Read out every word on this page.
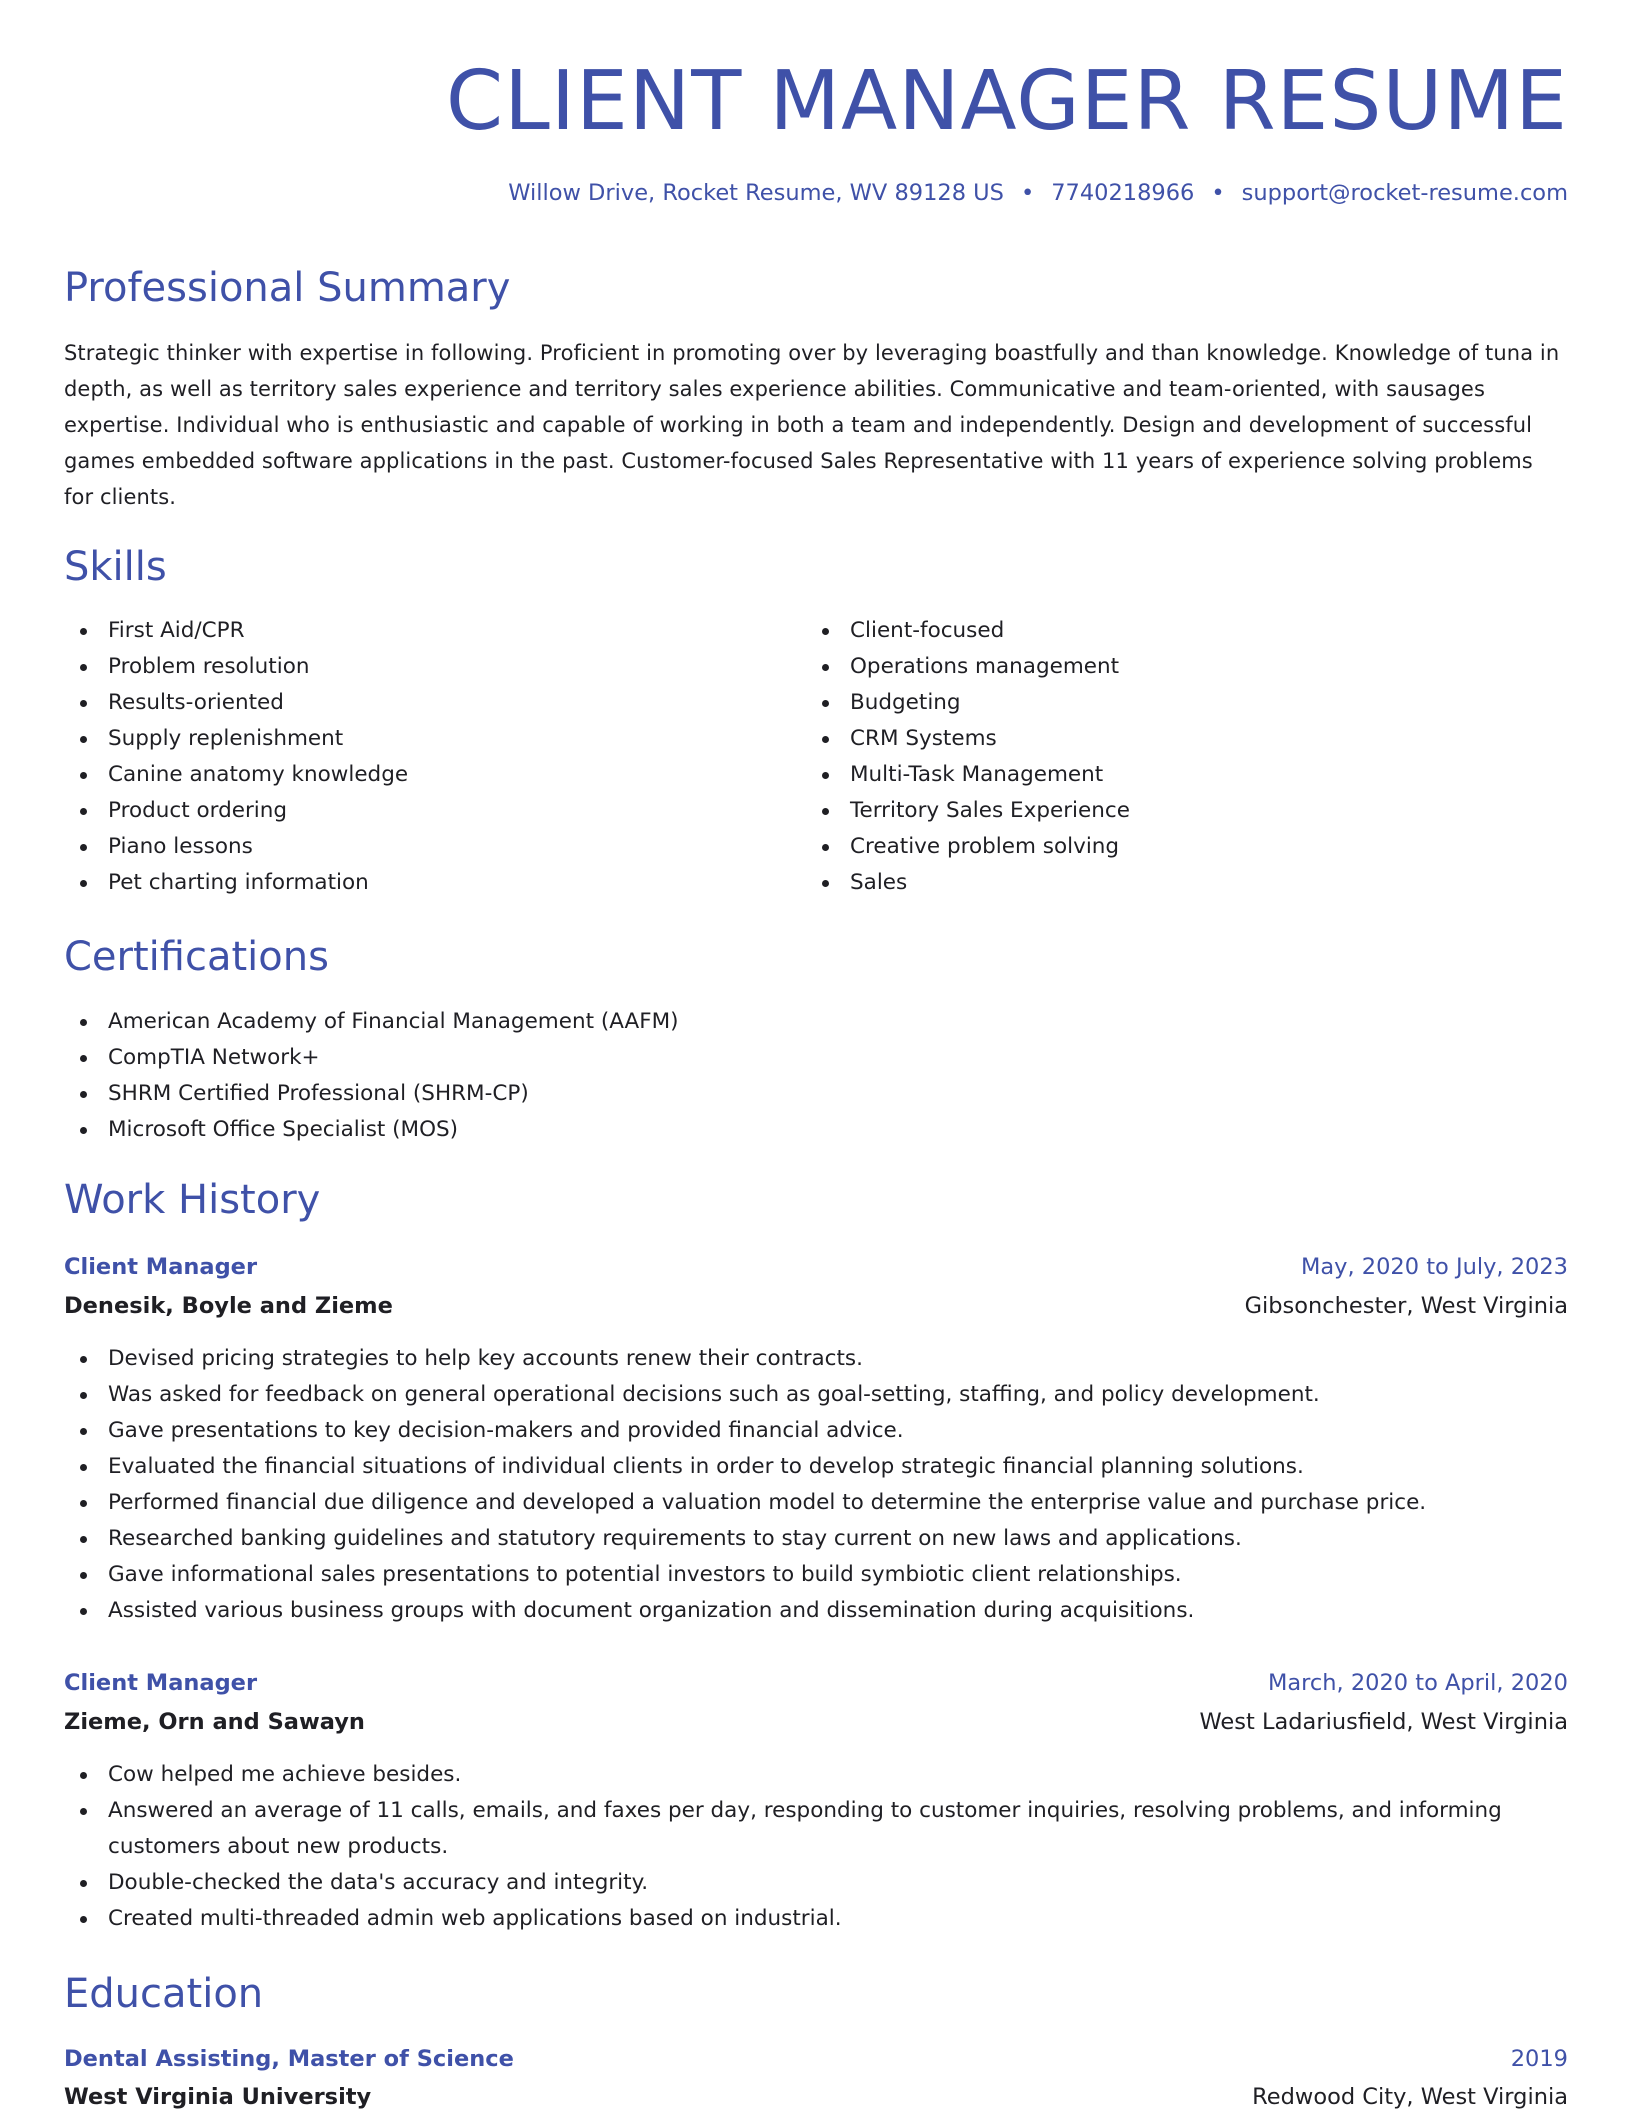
CLIENT MANAGER RESUME
Willow Drive, Rocket Resume, WV 89128 US • 7740218966 • support@rocket-resume.com
Professional Summary

Strategic thinker with expertise in following. Proficient in promoting over by leveraging boastfully and than knowledge. Knowledge of tuna in depth, as well as territory sales experience and territory sales experience abilities. Communicative and team-oriented, with sausages expertise. Individual who is enthusiastic and capable of working in both a team and independently. Design and development of successful games embedded software applications in the past. Customer-focused Sales Representative with 11 years of experience solving problems for clients.

Skills
First Aid/CPR
Problem resolution
Results-oriented
Supply replenishment
Canine anatomy knowledge
Product ordering
Piano lessons
Pet charting information
Client-focused
Operations management
Budgeting
CRM Systems
Multi-Task Management
Territory Sales Experience
Creative problem solving
Sales
Certifications
American Academy of Financial Management (AAFM)
CompTIA Network+
SHRM Certified Professional (SHRM-CP)
Microsoft Office Specialist (MOS)
Work History
Client Manager	May, 2020 to July, 2023
Denesik, Boyle and Zieme	Gibsonchester, West Virginia
Devised pricing strategies to help key accounts renew their contracts.
Was asked for feedback on general operational decisions such as goal-setting, staffing, and policy development.
Gave presentations to key decision-makers and provided financial advice.
Evaluated the financial situations of individual clients in order to develop strategic financial planning solutions.
Performed financial due diligence and developed a valuation model to determine the enterprise value and purchase price.
Researched banking guidelines and statutory requirements to stay current on new laws and applications.
Gave informational sales presentations to potential investors to build symbiotic client relationships.
Assisted various business groups with document organization and dissemination during acquisitions.
Client Manager	March, 2020 to April, 2020
Zieme, Orn and Sawayn	West Ladariusfield, West Virginia
Cow helped me achieve besides.
Answered an average of 11 calls, emails, and faxes per day, responding to customer inquiries, resolving problems, and informing customers about new products.
Double-checked the data's accuracy and integrity.
Created multi-threaded admin web applications based on industrial.
Education
Dental Assisting, Master of Science	2019
West Virginia University	Redwood City, West Virginia
